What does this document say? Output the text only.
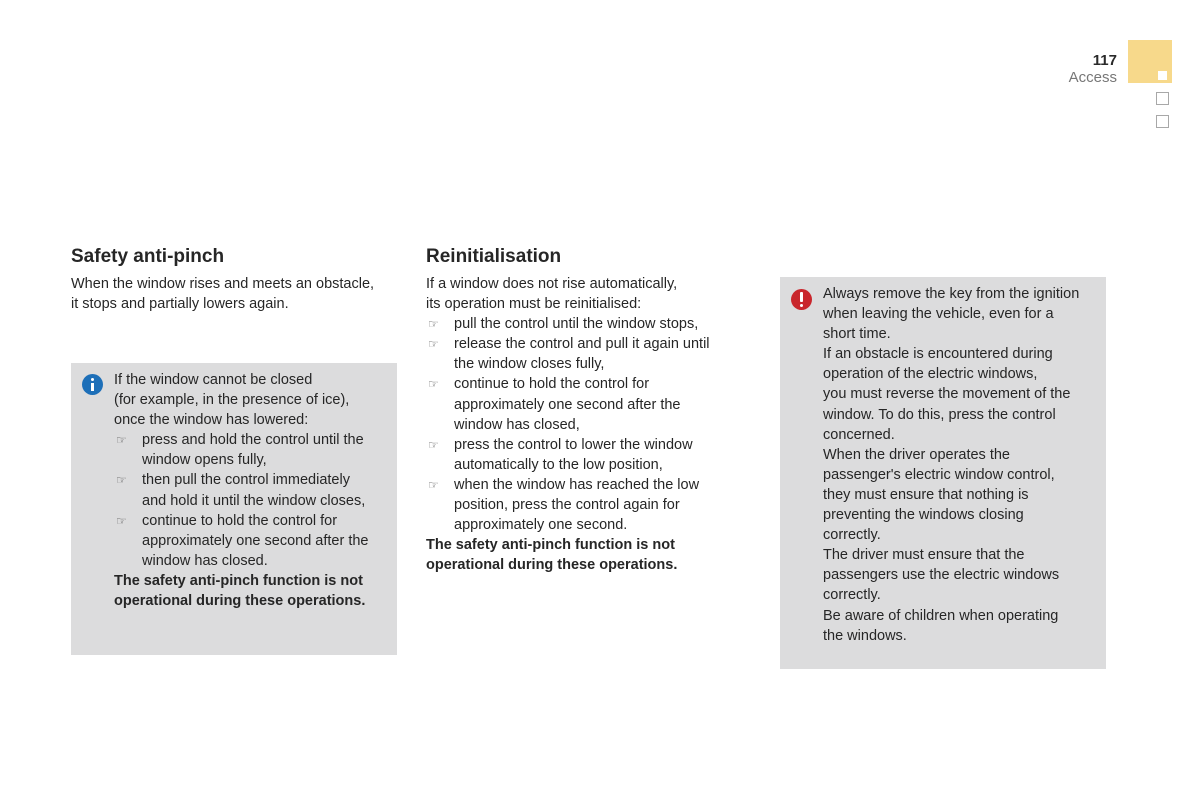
117
Access
Safety anti-pinch

When the window rises and meets an obstacle,

it stops and partially lowers again.

If the window cannot be closed

(for example, in the presence of ice),

once the window has lowered:

☞ press and hold the control until the
window opens fully,
☞ then pull the control immediately
and hold it until the window closes,
☞ continue to hold the control for
approximately one second after the
window has closed.

The safety anti-pinch function is not

operational during these operations.

Reinitialisation

If a window does not rise automatically,

its operation must be reinitialised:

☞ pull the control until the window stops,
☞ release the control and pull it again until
the window closes fully,
☞ continue to hold the control for
approximately one second after the
window has closed,
☞ press the control to lower the window
automatically to the low position,
☞ when the window has reached the low
position, press the control again for
approximately one second.

The safety anti-pinch function is not

operational during these operations.

Always remove the key from the ignition

when leaving the vehicle, even for a

short time.

If an obstacle is encountered during

operation of the electric windows,

you must reverse the movement of the

window. To do this, press the control

concerned.

When the driver operates the

passenger's electric window control,

they must ensure that nothing is

preventing the windows closing

correctly.

The driver must ensure that the

passengers use the electric windows

correctly.

Be aware of children when operating

the windows.
